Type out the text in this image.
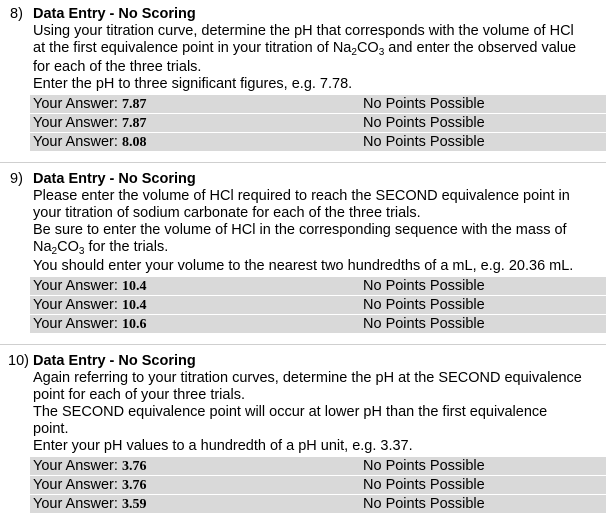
8) Data Entry - No Scoring
Using your titration curve, determine the pH that corresponds with the volume of HCl
at the first equivalence point in your titration of $Na_2CO_3$ and enter the observed value
for each of the three trials.
Enter the pH to three significant figures, e.g. 7.78.
Your Answer: 7.87	No Points Possible
Your Answer: 7.87	No Points Possible
Your Answer: 8.08	No Points Possible
9) Data Entry - No Scoring
Please enter the volume of HCl required to reach the SECOND equivalence point in
your titration of sodium carbonate for each of the three trials.
Be sure to enter the volume of HCl in the corresponding sequence with the mass of
$Na_2CO_3$ for the trials.
You should enter your volume to the nearest two hundredths of a mL, e.g. 20.36 mL.
Your Answer: 10.4	No Points Possible
Your Answer: 10.4	No Points Possible
Your Answer: 10.6	No Points Possible
10) Data Entry - No Scoring
Again referring to your titration curves, determine the pH at the SECOND equivalence
point for each of your three trials.
The SECOND equivalence point will occur at lower pH than the first equivalence
point.
Enter your pH values to a hundredth of a pH unit, e.g. 3.37.
Your Answer: 3.76	No Points Possible
Your Answer: 3.76	No Points Possible
Your Answer: 3.59	No Points Possible
